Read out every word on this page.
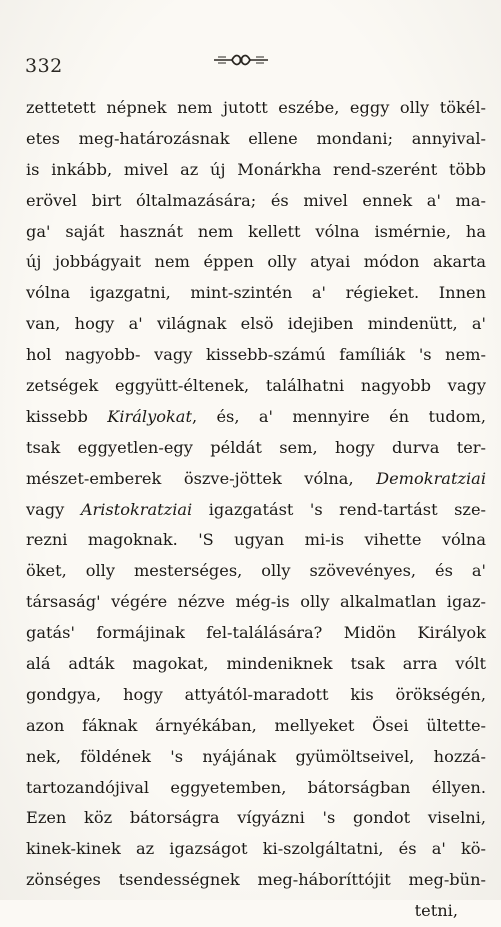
332
zettetett népnek nem jutott eszébe, eggy olly tökél-
etes meg-határozásnak ellene mondani; annyival-
is inkább, mivel az új Monárkha rend-szerént több
erövel birt óltalmazására; és mivel ennek a' ma-
ga' saját hasznát nem kellett vólna ismérnie, ha
új jobbágyait nem éppen olly atyai módon akarta
vólna igazgatni, mint-szintén a' régieket. Innen
van, hogy a' világnak elsö idejiben mindenütt, a'
hol nagyobb- vagy kissebb-számú famíliák 's nem-
zetségek eggyütt-éltenek, találhatni nagyobb vagy
kissebb Királyokat, és, a' mennyire én tudom,
tsak eggyetlen-egy példát sem, hogy durva ter-
mészet-emberek öszve-jöttek vólna, Demokratziai
vagy Aristokratziai igazgatást 's rend-tartást sze-
rezni magoknak. 'S ugyan mi-is vihette vólna
öket, olly mesterséges, olly szövevényes, és a'
társaság' végére nézve még-is olly alkalmatlan igaz-
gatás' formájinak fel-találására? Midön Királyok
alá adták magokat, mindeniknek tsak arra vólt
gondgya, hogy attyától-maradott kis örökségén,
azon fáknak árnyékában, mellyeket Ösei ültette-
nek, földének 's nyájának gyümöltseivel, hozzá-
tartozandójival eggyetemben, bátorságban éllyen.
Ezen köz bátorságra vígyázni 's gondot viselni,
kinek-kinek az igazságot ki-szolgáltatni, és a' kö-
zönséges tsendességnek meg-háboríttójit meg-bün-
tetni,
